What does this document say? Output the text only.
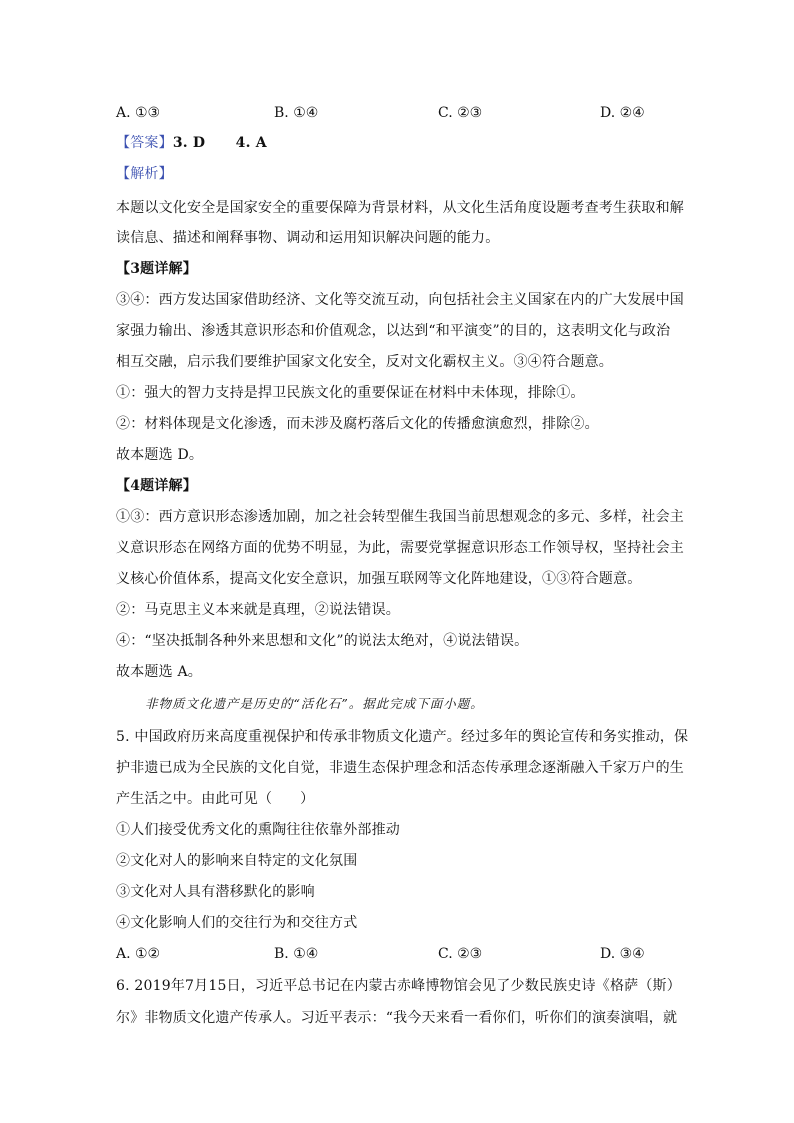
A. ①③	B. ①④	C. ②③	D. ②④
【答案】3. D      4. A
【解析】
本题以文化安全是国家安全的重要保障为背景材料，从文化生活角度设题考查考生获取和解
读信息、描述和阐释事物、调动和运用知识解决问题的能力。
【3题详解】
③④：西方发达国家借助经济、文化等交流互动，向包括社会主义国家在内的广大发展中国
家强力输出、渗透其意识形态和价值观念，以达到“和平演变”的目的，这表明文化与政治
相互交融，启示我们要维护国家文化安全，反对文化霸权主义。③④符合题意。
①：强大的智力支持是捍卫民族文化的重要保证在材料中未体现，排除①。
②：材料体现是文化渗透，而未涉及腐朽落后文化的传播愈演愈烈，排除②。
故本题选 D。
【4题详解】
①③：西方意识形态渗透加剧，加之社会转型催生我国当前思想观念的多元、多样，社会主
义意识形态在网络方面的优势不明显，为此，需要党掌握意识形态工作领导权，坚持社会主
义核心价值体系，提高文化安全意识，加强互联网等文化阵地建设，①③符合题意。
②：马克思主义本来就是真理，②说法错误。
④：“坚决抵制各种外来思想和文化”的说法太绝对，④说法错误。
故本题选 A。
非物质文化遗产是历史的“活化石”。据此完成下面小题。
5. 中国政府历来高度重视保护和传承非物质文化遗产。经过多年的舆论宣传和务实推动，保
护非遗已成为全民族的文化自觉，非遗生态保护理念和活态传承理念逐渐融入千家万户的生
产生活之中。由此可见（      ）
①人们接受优秀文化的熏陶往往依靠外部推动
②文化对人的影响来自特定的文化氛围
③文化对人具有潜移默化的影响
④文化影响人们的交往行为和交往方式
A. ①②	B. ①④	C. ②③	D. ③④
6. 2019年7月15日，习近平总书记在内蒙古赤峰博物馆会见了少数民族史诗《格萨（斯）
尔》非物质文化遗产传承人。习近平表示：“我今天来看一看你们，听你们的演奏演唱，就
